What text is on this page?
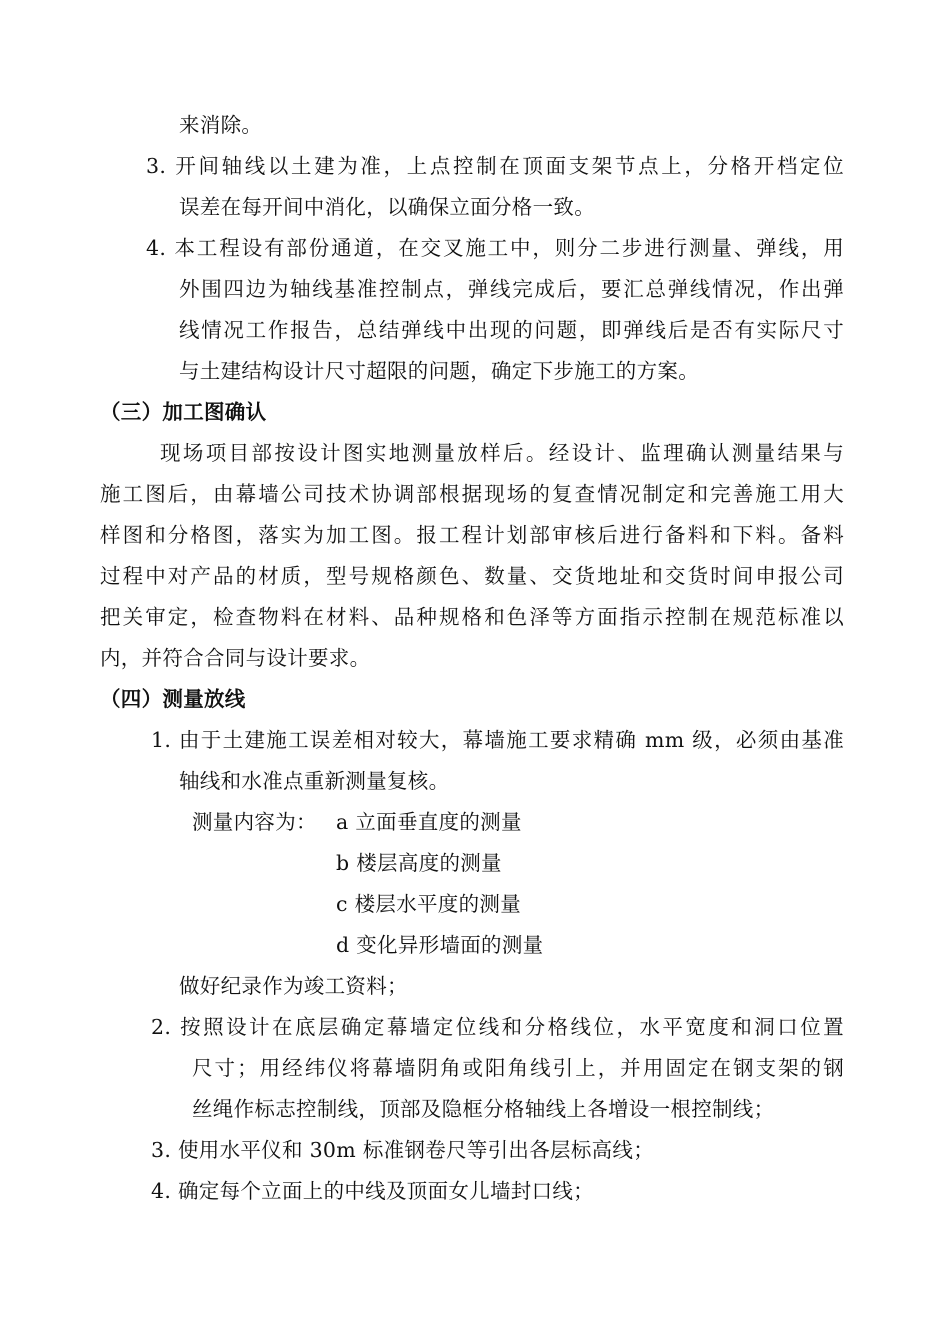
来消除。
3. 开间轴线以土建为准，上点控制在顶面支架节点上，分格开档定位
误差在每开间中消化，以确保立面分格一致。
4. 本工程设有部份通道，在交叉施工中，则分二步进行测量、弹线，用
外围四边为轴线基准控制点，弹线完成后，要汇总弹线情况，作出弹
线情况工作报告，总结弹线中出现的问题，即弹线后是否有实际尺寸
与土建结构设计尺寸超限的问题，确定下步施工的方案。
（三）加工图确认
现场项目部按设计图实地测量放样后。经设计、监理确认测量结果与
施工图后，由幕墙公司技术协调部根据现场的复查情况制定和完善施工用大
样图和分格图，落实为加工图。报工程计划部审核后进行备料和下料。备料
过程中对产品的材质，型号规格颜色、数量、交货地址和交货时间申报公司
把关审定，检查物料在材料、品种规格和色泽等方面指示控制在规范标准以
内，并符合合同与设计要求。
（四）测量放线
1. 由于土建施工误差相对较大，幕墙施工要求精确 mm 级，必须由基准
轴线和水准点重新测量复核。
测量内容为： a 立面垂直度的测量
b 楼层高度的测量
c 楼层水平度的测量
d 变化异形墙面的测量
做好纪录作为竣工资料；
2. 按照设计在底层确定幕墙定位线和分格线位，水平宽度和洞口位置
尺寸；用经纬仪将幕墙阴角或阳角线引上，并用固定在钢支架的钢
丝绳作标志控制线，顶部及隐框分格轴线上各增设一根控制线；
3. 使用水平仪和 30m 标准钢卷尺等引出各层标高线；
4. 确定每个立面上的中线及顶面女儿墙封口线；
